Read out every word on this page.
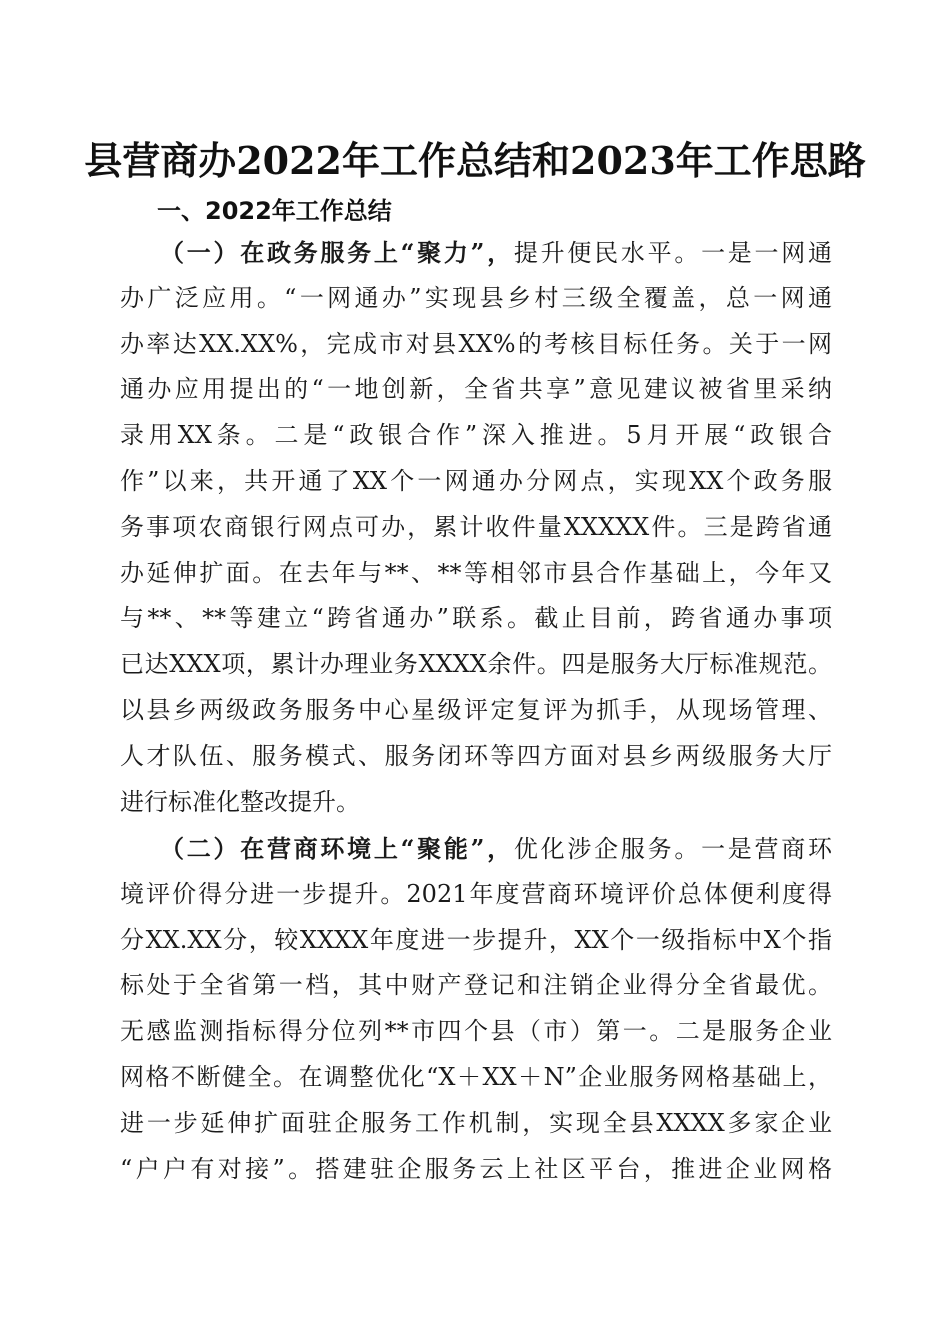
县营商办2022年工作总结和2023年工作思路
一、2022年工作总结
（一）在政务服务上“聚力”，提升便民水平。一是一网通
办广泛应用。“一网通办”实现县乡村三级全覆盖，总一网通
办率达XX.XX%，完成市对县XX%的考核目标任务。关于一网
通办应用提出的“一地创新，全省共享”意见建议被省里采纳
录用XX条。二是“政银合作”深入推进。5月开展“政银合
作”以来，共开通了XX个一网通办分网点，实现XX个政务服
务事项农商银行网点可办，累计收件量XXXXX件。三是跨省通
办延伸扩面。在去年与**、**等相邻市县合作基础上，今年又
与**、**等建立“跨省通办”联系。截止目前，跨省通办事项
已达XXX项，累计办理业务XXXX余件。四是服务大厅标准规范。
以县乡两级政务服务中心星级评定复评为抓手，从现场管理、
人才队伍、服务模式、服务闭环等四方面对县乡两级服务大厅
进行标准化整改提升。
（二）在营商环境上“聚能”，优化涉企服务。一是营商环
境评价得分进一步提升。2021年度营商环境评价总体便利度得
分XX.XX分，较XXXX年度进一步提升，XX个一级指标中X个指
标处于全省第一档，其中财产登记和注销企业得分全省最优。
无感监测指标得分位列**市四个县（市）第一。二是服务企业
网格不断健全。在调整优化“X＋XX＋N”企业服务网格基础上，
进一步延伸扩面驻企服务工作机制，实现全县XXXX多家企业
“户户有对接”。搭建驻企服务云上社区平台，推进企业网格
